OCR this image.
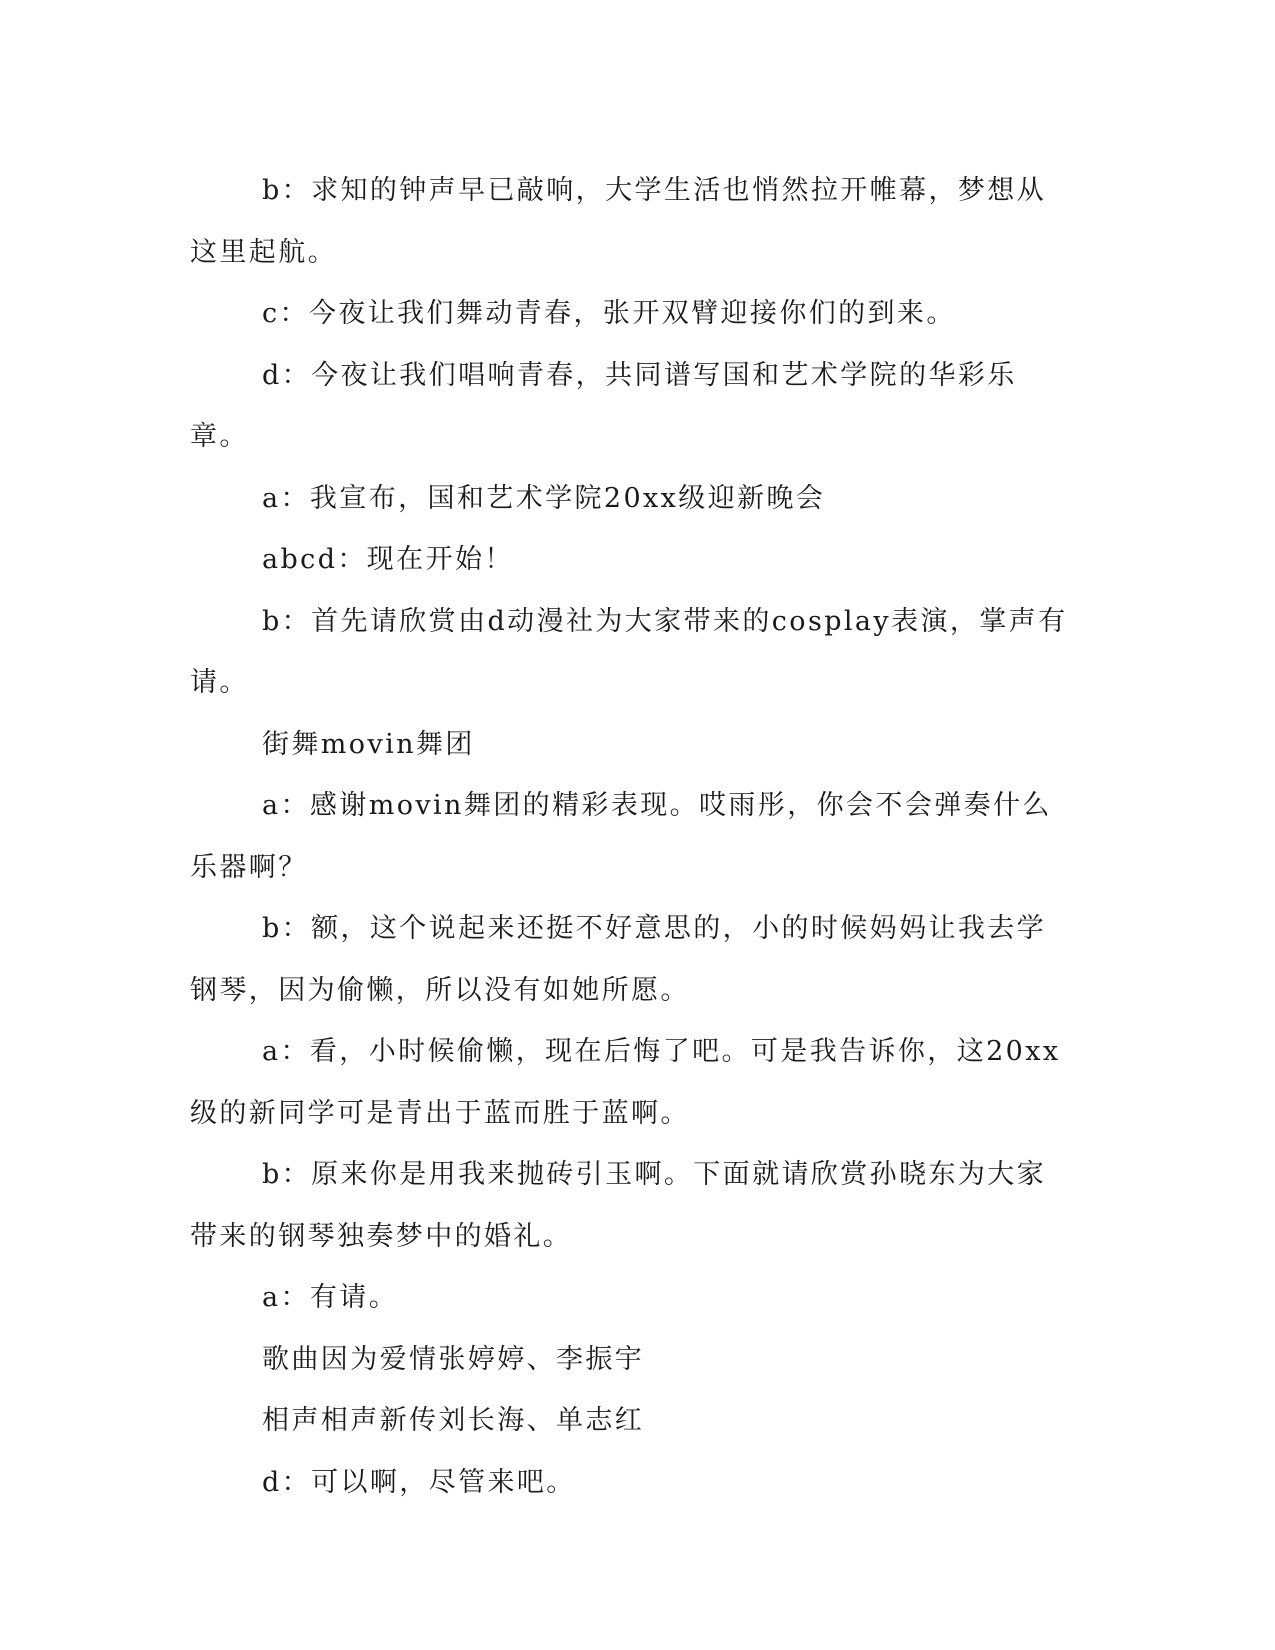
b：求知的钟声早已敲响，大学生活也悄然拉开帷幕，梦想从这里起航。

c：今夜让我们舞动青春，张开双臂迎接你们的到来。

d：今夜让我们唱响青春，共同谱写国和艺术学院的华彩乐章。

a：我宣布，国和艺术学院20xx级迎新晚会

abcd：现在开始！

b：首先请欣赏由d动漫社为大家带来的cosplay表演，掌声有请。

街舞movin舞团

a：感谢movin舞团的精彩表现。哎雨彤，你会不会弹奏什么乐器啊？

b：额，这个说起来还挺不好意思的，小的时候妈妈让我去学钢琴，因为偷懒，所以没有如她所愿。

a：看，小时候偷懒，现在后悔了吧。可是我告诉你，这20xx级的新同学可是青出于蓝而胜于蓝啊。

b：原来你是用我来抛砖引玉啊。下面就请欣赏孙晓东为大家带来的钢琴独奏梦中的婚礼。

a：有请。

歌曲因为爱情张婷婷、李振宇

相声相声新传刘长海、单志红

d：可以啊，尽管来吧。
